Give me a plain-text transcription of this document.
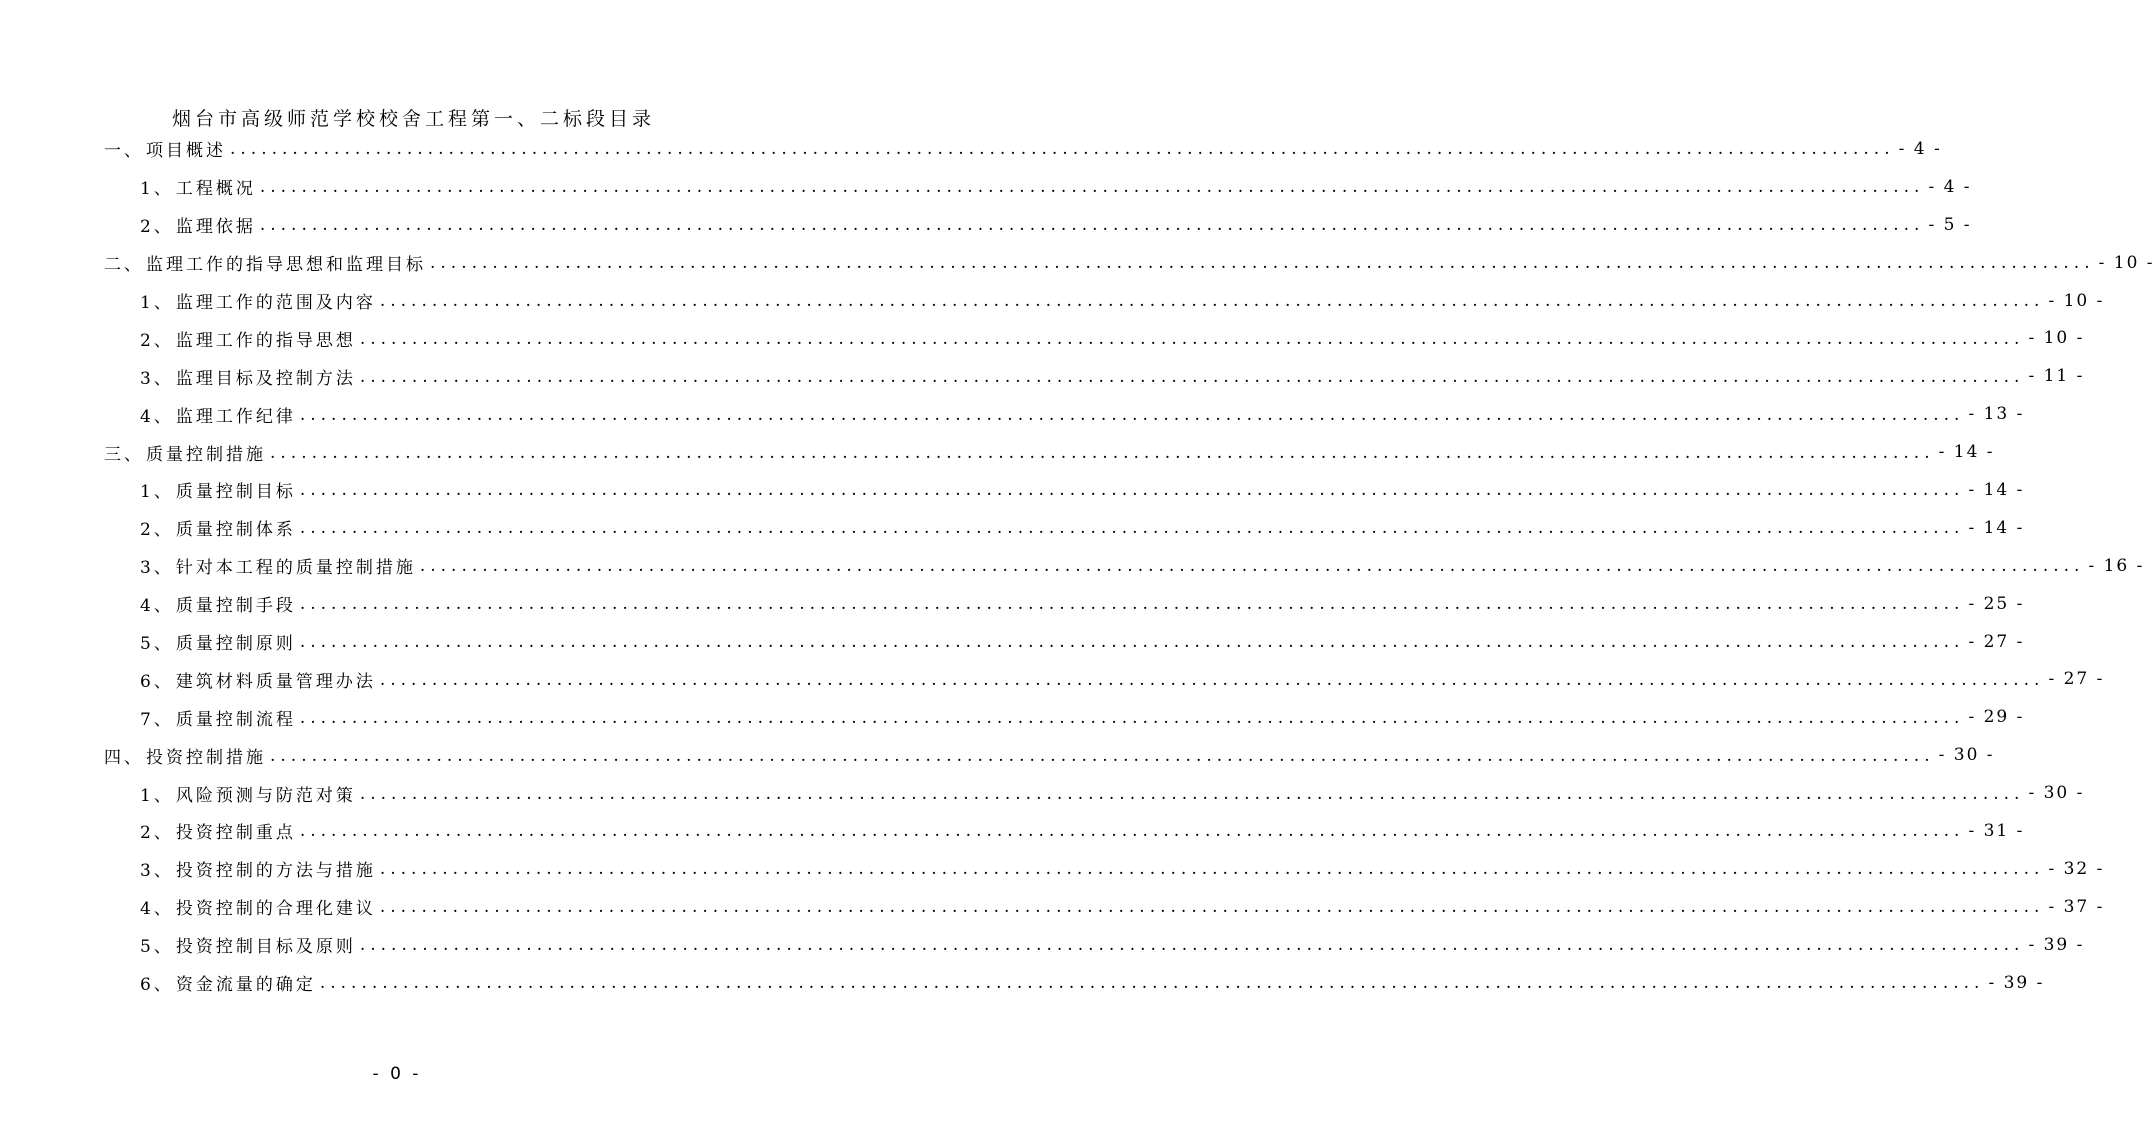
烟台市高级师范学校校舍工程第一、二标段目录
一、 项目概述 ................................................................................................................................................................ - 4 -
1、 工程概况 ................................................................................................................................................................ - 4 -
2、 监理依据 ................................................................................................................................................................ - 5 -
二、 监理工作的指导思想和监理目标 ................................................................................................................................................................ - 10 -
1、 监理工作的范围及内容 ................................................................................................................................................................ - 10 -
2、 监理工作的指导思想 ................................................................................................................................................................ - 10 -
3、 监理目标及控制方法 ................................................................................................................................................................ - 11 -
4、 监理工作纪律 ................................................................................................................................................................ - 13 -
三、 质量控制措施 ................................................................................................................................................................ - 14 -
1、 质量控制目标 ................................................................................................................................................................ - 14 -
2、 质量控制体系 ................................................................................................................................................................ - 14 -
3、 针对本工程的质量控制措施 ................................................................................................................................................................ - 16 -
4、 质量控制手段 ................................................................................................................................................................ - 25 -
5、 质量控制原则 ................................................................................................................................................................ - 27 -
6、 建筑材料质量管理办法 ................................................................................................................................................................ - 27 -
7、 质量控制流程 ................................................................................................................................................................ - 29 -
四、 投资控制措施 ................................................................................................................................................................ - 30 -
1、 风险预测与防范对策 ................................................................................................................................................................ - 30 -
2、 投资控制重点 ................................................................................................................................................................ - 31 -
3、 投资控制的方法与措施 ................................................................................................................................................................ - 32 -
4、 投资控制的合理化建议 ................................................................................................................................................................ - 37 -
5、 投资控制目标及原则 ................................................................................................................................................................ - 39 -
6、 资金流量的确定 ................................................................................................................................................................ - 39 -
- 0 -
